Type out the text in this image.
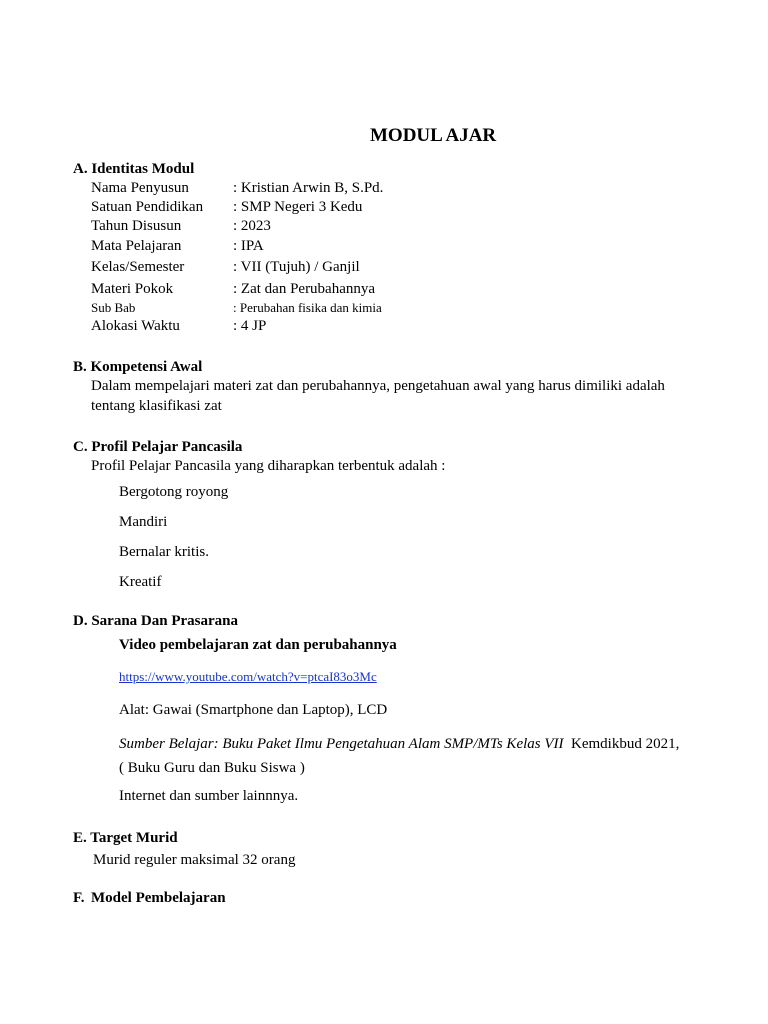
MODUL AJAR
A. Identitas Modul
Nama Penyusun	: Kristian Arwin B, S.Pd.
Satuan Pendidikan : SMP Negeri 3 Kedu
Tahun Disusun	: 2023
Mata Pelajaran	: IPA
Kelas/Semester	: VII (Tujuh) / Ganjil
Materi Pokok	: Zat dan Perubahannya
Sub Bab	: Perubahan fisika dan kimia
Alokasi Waktu	: 4 JP
B. Kompetensi Awal
Dalam mempelajari materi zat dan perubahannya, pengetahuan awal yang harus dimiliki adalah
tentang klasifikasi zat
C. Profil Pelajar Pancasila
Profil Pelajar Pancasila yang diharapkan terbentuk adalah :
Bergotong royong
Mandiri
Bernalar kritis.
Kreatif
D. Sarana Dan Prasarana
Video pembelajaran zat dan perubahannya
https://www.youtube.com/watch?v=ptcaI83o3Mc
Alat: Gawai (Smartphone dan Laptop), LCD
Sumber Belajar: Buku Paket Ilmu Pengetahuan Alam SMP/MTs Kelas VII Kemdikbud 2021,
( Buku Guru dan Buku Siswa )
Internet dan sumber lainnnya.
E. Target Murid
Murid reguler maksimal 32 orang
F. Model Pembelajaran
